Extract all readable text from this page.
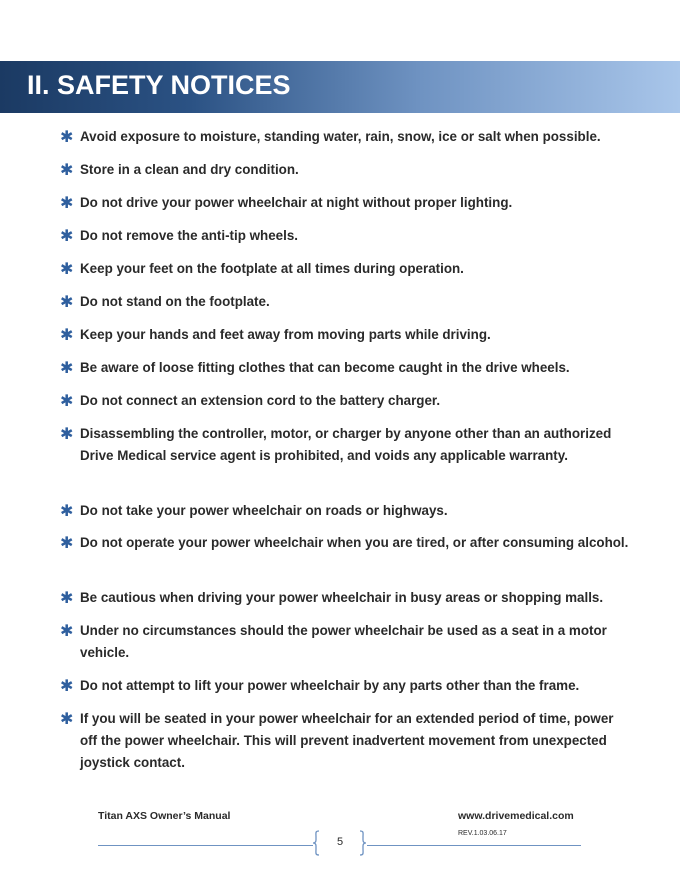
II. SAFETY NOTICES
✱ Avoid exposure to moisture, standing water, rain, snow, ice or salt when possible.
✱ Store in a clean and dry condition.
✱ Do not drive your power wheelchair at night without proper lighting.
✱ Do not remove the anti-tip wheels.
✱ Keep your feet on the footplate at all times during operation.
✱ Do not stand on the footplate.
✱ Keep your hands and feet away from moving parts while driving.
✱ Be aware of loose fitting clothes that can become caught in the drive wheels.
✱ Do not connect an extension cord to the battery charger.
✱ Disassembling the controller, motor, or charger by anyone other than an authorized Drive Medical service agent is prohibited, and voids any applicable warranty.
✱ Do not take your power wheelchair on roads or highways.
✱ Do not operate your power wheelchair when you are tired, or after consuming alcohol.
✱ Be cautious when driving your power wheelchair in busy areas or shopping malls.
✱ Under no circumstances should the power wheelchair be used as a seat in a motor vehicle.
✱ Do not attempt to lift your power wheelchair by any parts other than the frame.
✱ If you will be seated in your power wheelchair for an extended period of time, power off the power wheelchair. This will prevent inadvertent movement from unexpected joystick contact.
Titan AXS Owner’s Manual	www.drivemedical.com
REV.1.03.06.17
5
